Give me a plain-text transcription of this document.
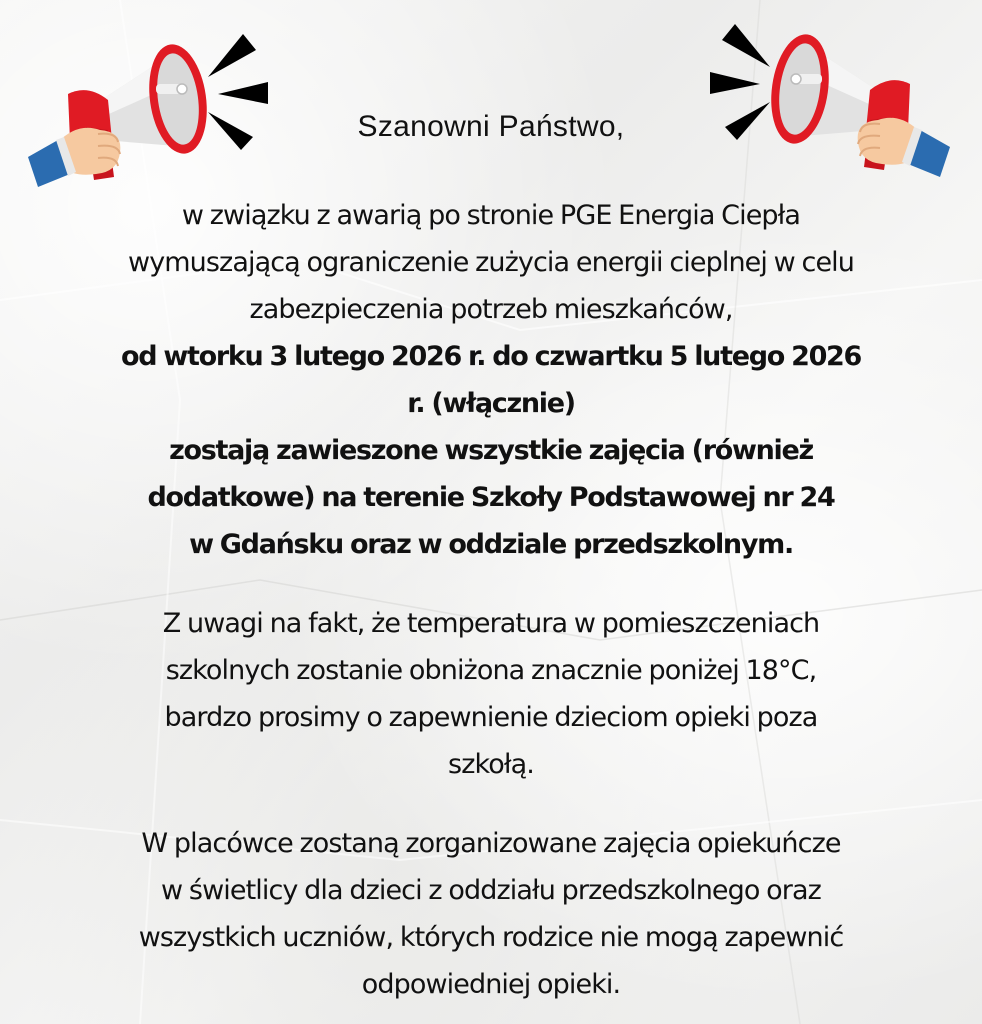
Szanowni Państwo,
w związku z awarią po stronie PGE Energia Ciepła
wymuszającą ograniczenie zużycia energii cieplnej w celu
zabezpieczenia potrzeb mieszkańców,
od wtorku 3 lutego 2026 r. do czwartku 5 lutego 2026
r. (włącznie)
zostają zawieszone wszystkie zajęcia (również
dodatkowe) na terenie Szkoły Podstawowej nr 24
w Gdańsku oraz w oddziale przedszkolnym.
Z uwagi na fakt, że temperatura w pomieszczeniach
szkolnych zostanie obniżona znacznie poniżej 18°C,
bardzo prosimy o zapewnienie dzieciom opieki poza
szkołą.
W placówce zostaną zorganizowane zajęcia opiekuńcze
w świetlicy dla dzieci z oddziału przedszkolnego oraz
wszystkich uczniów, których rodzice nie mogą zapewnić
odpowiedniej opieki.
